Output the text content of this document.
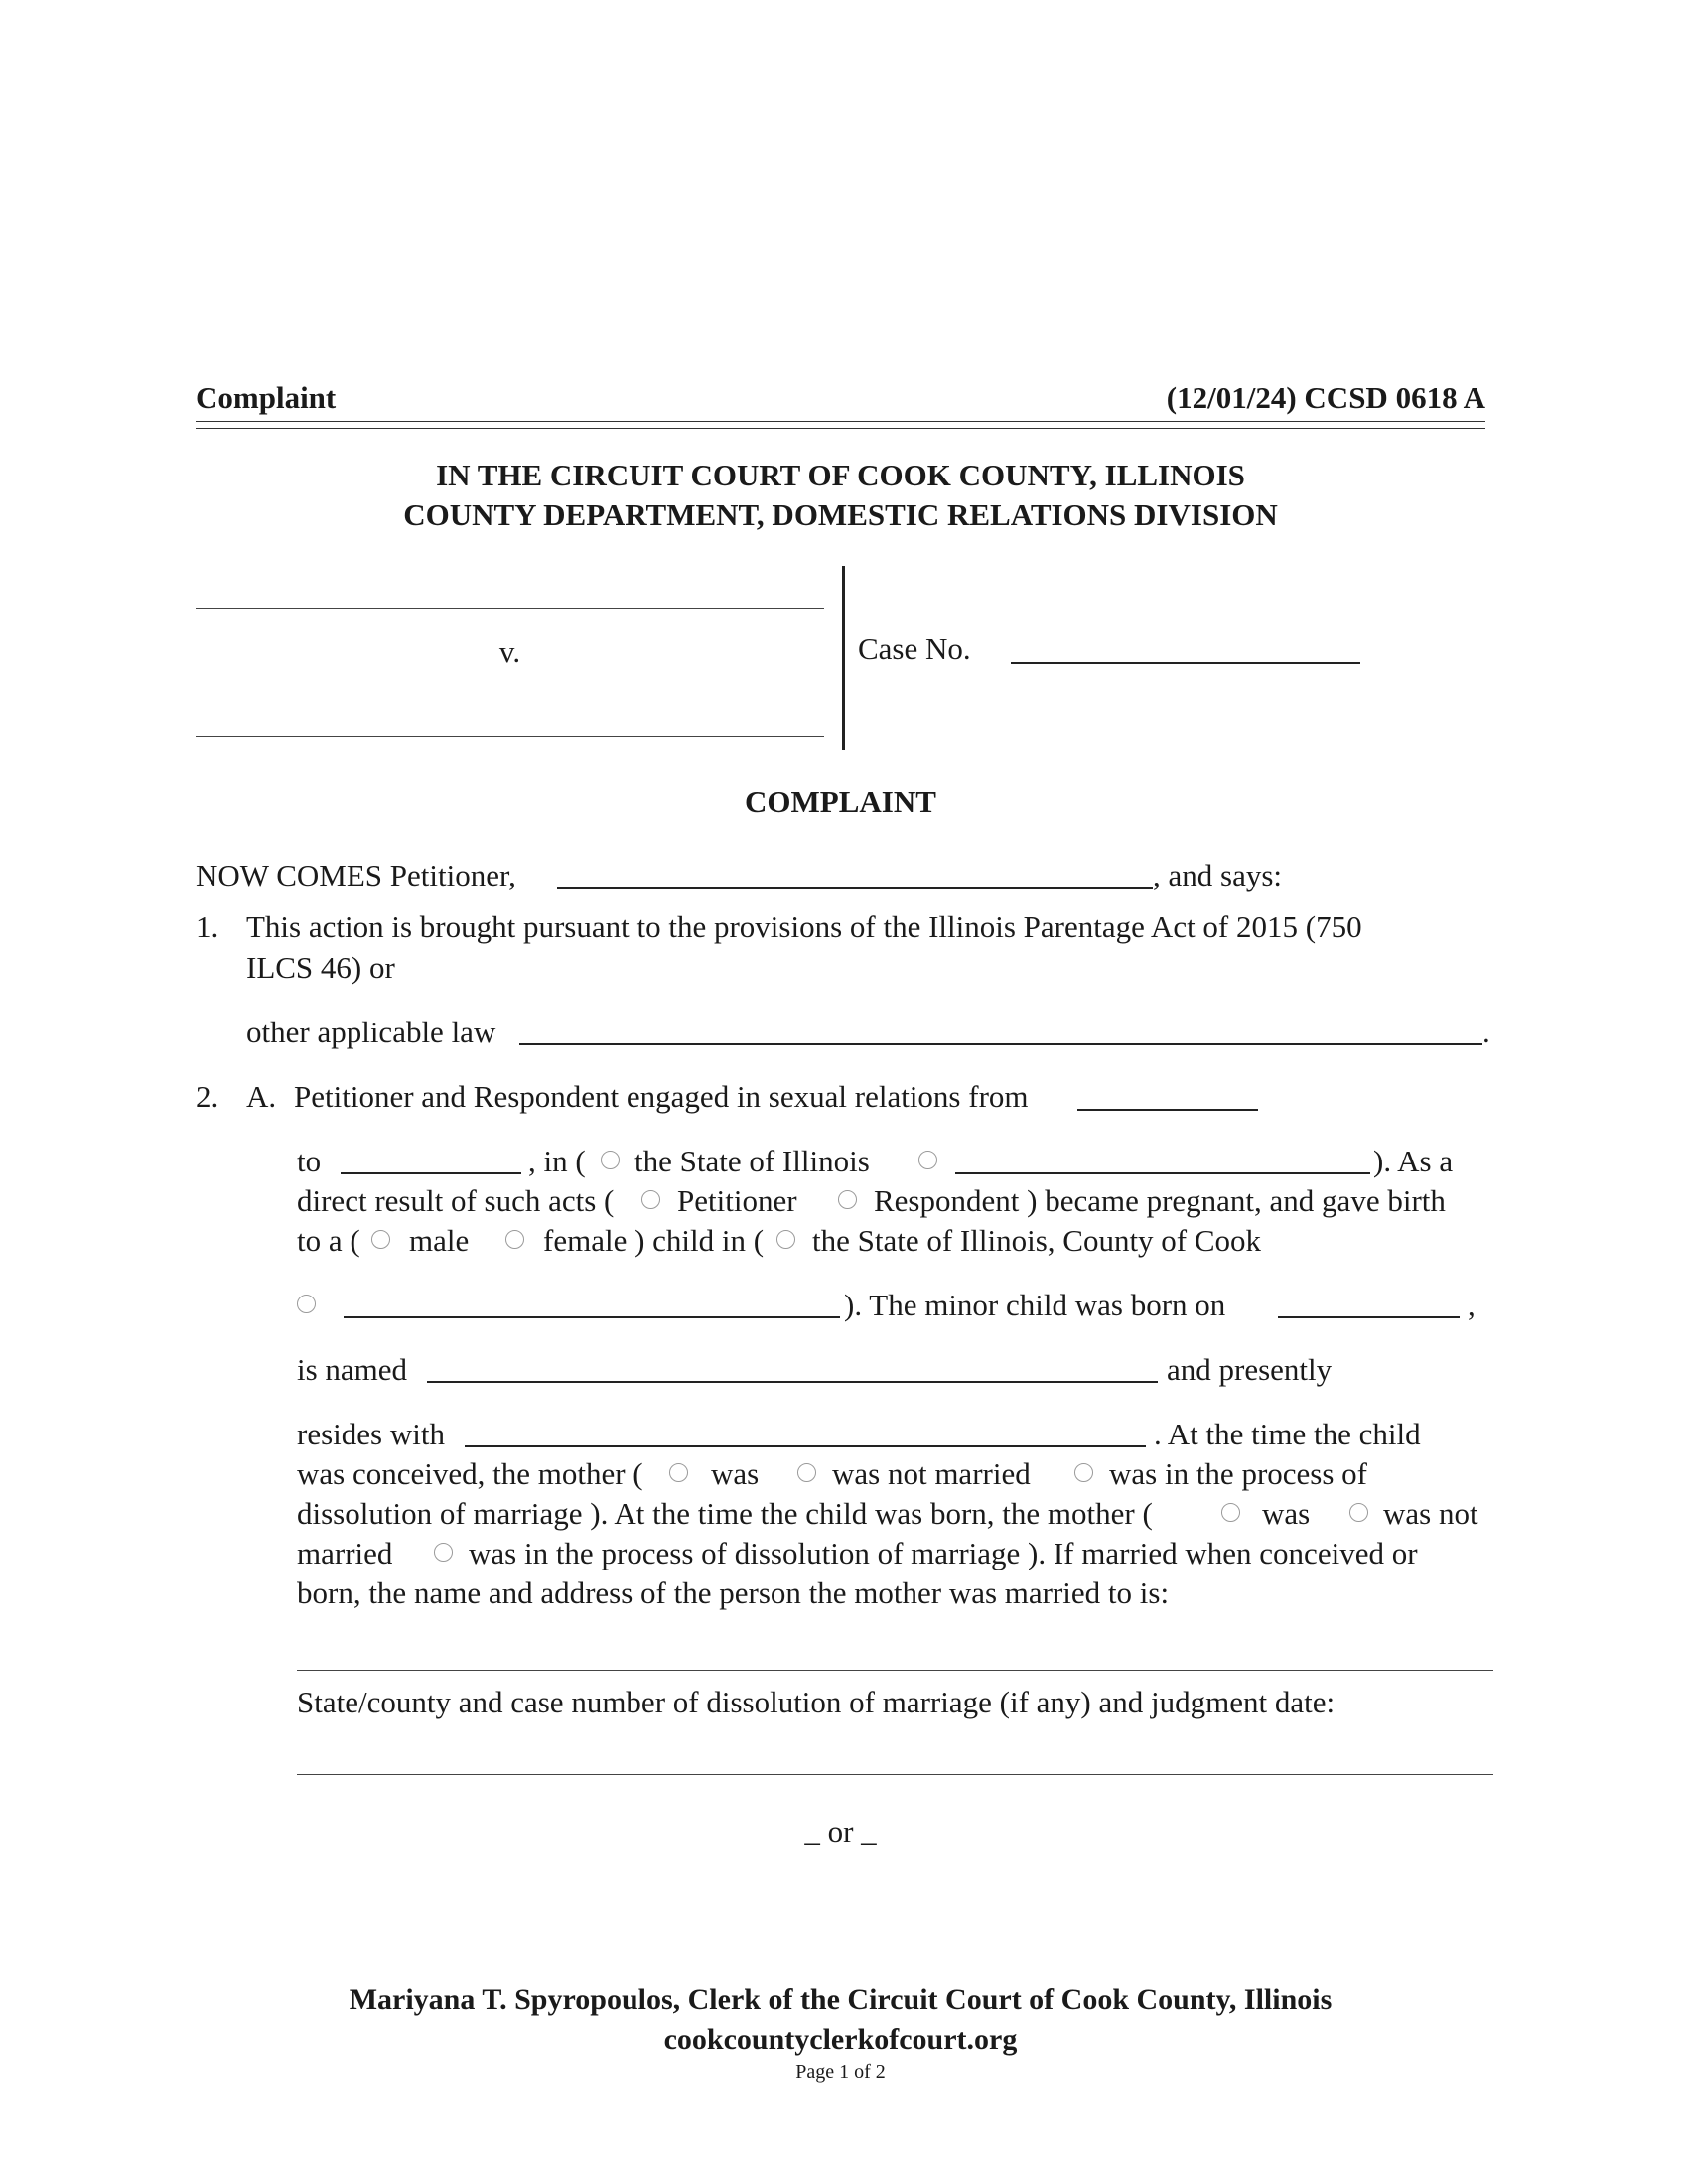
Complaint	(12/01/24) CCSD 0618 A
IN THE CIRCUIT COURT OF COOK COUNTY, ILLINOIS
COUNTY DEPARTMENT, DOMESTIC RELATIONS DIVISION
v.	Case No.
COMPLAINT
NOW COMES Petitioner,	, and says:
1. This action is brought pursuant to the provisions of the Illinois Parentage Act of 2015 (750
ILCS 46) or
other applicable law	.
2. A. Petitioner and Respondent engaged in sexual relations from
to	, in ( the State of Illinois	). As a
direct result of such acts ( Petitioner Respondent ) became pregnant, and gave birth
to a ( male female ) child in ( the State of Illinois, County of Cook
). The minor child was born on	,
is named	and presently
resides with	. At the time the child
was conceived, the mother ( was was not married	was in the process of
dissolution of marriage ). At the time the child was born, the mother (	was was not
married was in the process of dissolution of marriage ). If married when conceived or
born, the name and address of the person the mother was married to is:
State/county and case number of dissolution of marriage (if any) and judgment date:
_ or _
Mariyana T. Spyropoulos, Clerk of the Circuit Court of Cook County, Illinois
cookcountyclerkofcourt.org
Page 1 of 2
